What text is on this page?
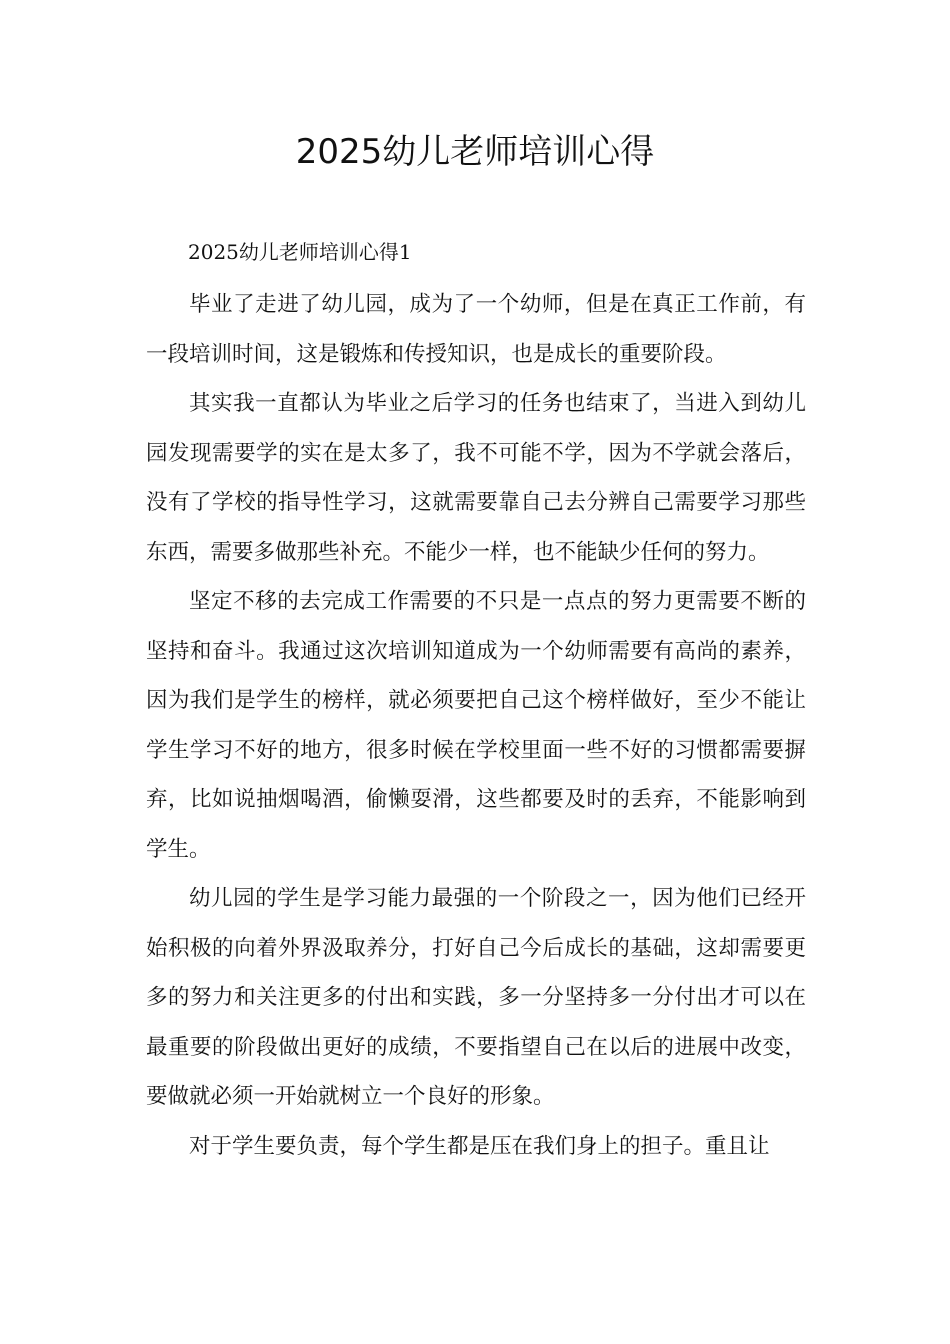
2025幼儿老师培训心得
2025幼儿老师培训心得1

毕业了走进了幼儿园，成为了一个幼师，但是在真正工作前，有一段培训时间，这是锻炼和传授知识，也是成长的重要阶段。

其实我一直都认为毕业之后学习的任务也结束了，当进入到幼儿园发现需要学的实在是太多了，我不可能不学，因为不学就会落后，没有了学校的指导性学习，这就需要靠自己去分辨自己需要学习那些东西，需要多做那些补充。不能少一样，也不能缺少任何的努力。

坚定不移的去完成工作需要的不只是一点点的努力更需要不断的坚持和奋斗。我通过这次培训知道成为一个幼师需要有高尚的素养，因为我们是学生的榜样，就必须要把自己这个榜样做好，至少不能让学生学习不好的地方，很多时候在学校里面一些不好的习惯都需要摒弃，比如说抽烟喝酒，偷懒耍滑，这些都要及时的丢弃，不能影响到学生。

幼儿园的学生是学习能力最强的一个阶段之一，因为他们已经开始积极的向着外界汲取养分，打好自己今后成长的基础，这却需要更多的努力和关注更多的付出和实践，多一分坚持多一分付出才可以在最重要的阶段做出更好的成绩，不要指望自己在以后的进展中改变，要做就必须一开始就树立一个良好的形象。

对于学生要负责，每个学生都是压在我们身上的担子。重且让
